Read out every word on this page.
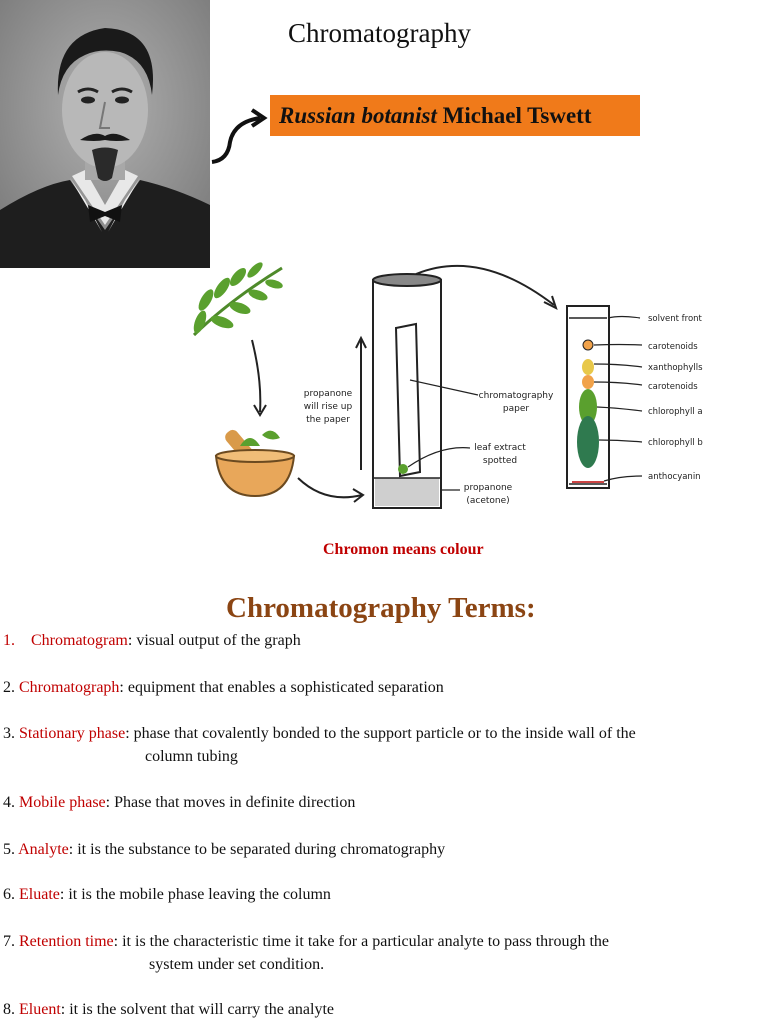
Chromatography
Russian botanist Michael Tswett
propanone
will rise up
the paper
chromatography
paper
leaf extract
spotted
propanone
(acetone)
solvent front
carotenoids
xanthophylls
carotenoids
chlorophyll a
chlorophyll b
anthocyanin
Chromon means colour
Chromatography Terms:
1. Chromatogram: visual output of the graph
2. Chromatograph: equipment that enables a sophisticated separation
3. Stationary phase: phase that covalently bonded to the support particle or to the inside wall of the
column tubing
4. Mobile phase: Phase that moves in definite direction
5. Analyte: it is the substance to be separated during chromatography
6. Eluate: it is the mobile phase leaving the column
7. Retention time: it is the characteristic time it take for a particular analyte to pass through the
system under set condition.
8. Eluent: it is the solvent that will carry the analyte
